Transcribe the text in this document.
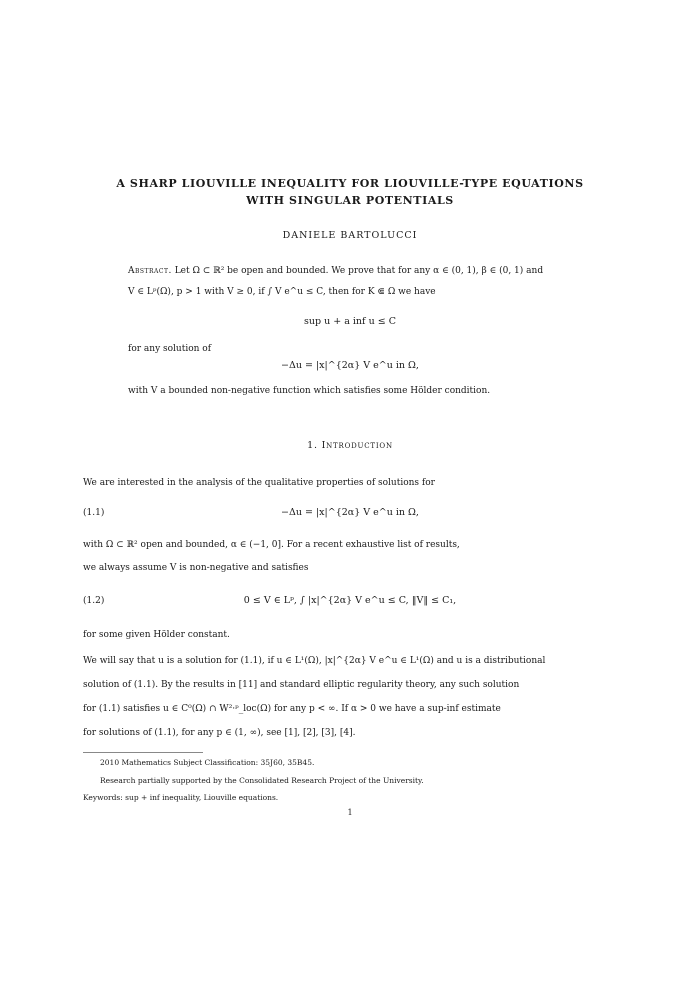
A SHARP LIOUVILLE INEQUALITY FOR LIOUVILLE-TYPE EQUATIONS
WITH SINGULAR POTENTIALS
DANIELE BARTOLUCCI
Abstract. Let Ω ⊂ ℝ² be open and bounded. We prove that for any α ∈ (0, 1), β ∈ (0, 1) and
V ∈ Lᵖ(Ω), p > 1 with V ≥ 0, if ∫ V e^u ≤ C, then for K ⋐ Ω we have
sup u + a inf u ≤ C
for any solution of
−Δu = |x|^{2α} V e^u in Ω,
with V a bounded non-negative function which satisfies some Hölder condition.
1. Introduction
We are interested in the analysis of the qualitative properties of solutions for
(1.1)	−Δu = |x|^{2α} V e^u in Ω,
with Ω ⊂ ℝ² open and bounded, α ∈ (−1, 0]. For a recent exhaustive list of results,
we always assume V is non-negative and satisfies
(1.2)	0 ≤ V ∈ Lᵖ, ∫ |x|^{2α} V e^u ≤ C, ‖V‖ ≤ C₁,
for some given Hölder constant.
We will say that u is a solution for (1.1), if u ∈ L¹(Ω), |x|^{2α} V e^u ∈ L¹(Ω) and u is a distributional
solution of (1.1). By the results in [11] and standard elliptic regularity theory, any such solution
for (1.1) satisfies u ∈ C⁰(Ω) ∩ W²·ᵖ_loc(Ω) for any p < ∞. If α > 0 we have a sup-inf estimate
for solutions of (1.1), for any p ∈ (1, ∞), see [1], [2], [3], [4].
2010 Mathematics Subject Classification: 35J60, 35B45.
Research partially supported by the Consolidated Research Project of the University.
Keywords: sup + inf inequality, Liouville equations.
1
